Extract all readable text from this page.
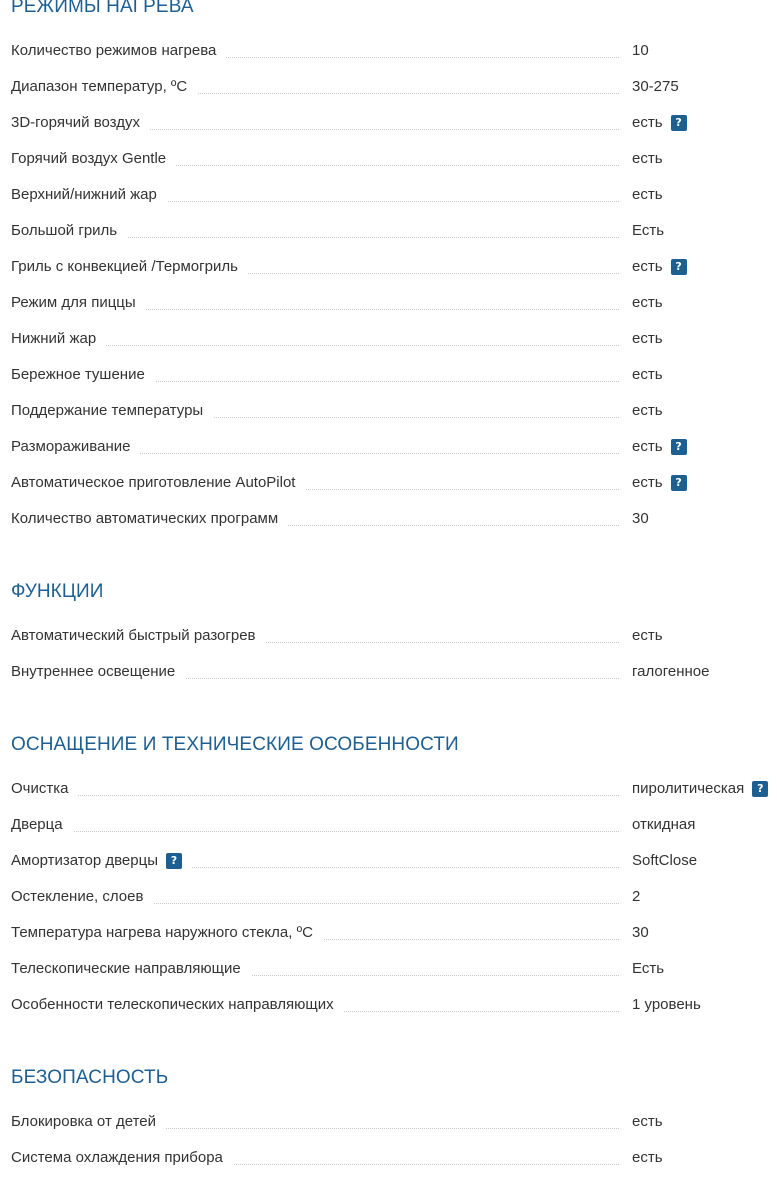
РЕЖИМЫ НАГРЕВА
Количество режимов нагрева	10
Диапазон температур, ºC	30-275
3D-горячий воздух	есть	?
Горячий воздух Gentle	есть
Верхний/нижний жар	есть
Большой гриль	Есть
Гриль с конвекцией /Термогриль	есть	?
Режим для пиццы	есть
Нижний жар	есть
Бережное тушение	есть
Поддержание температуры	есть
Размораживание	есть	?
Автоматическое приготовление AutoPilot	есть	?
Количество автоматических программ	30
ФУНКЦИИ
Автоматический быстрый разогрев	есть
Внутреннее освещение	галогенное
ОСНАЩЕНИЕ И ТЕХНИЧЕСКИЕ ОСОБЕННОСТИ
Очистка	пиролитическая	?
Дверца	откидная
Амортизатор дверцы	?	SoftClose
Остекление, слоев	2
Температура нагрева наружного стекла, ºC	30
Телескопические направляющие	Есть
Особенности телескопических направляющих	1 уровень
БЕЗОПАСНОСТЬ
Блокировка от детей	есть
Система охлаждения прибора	есть
